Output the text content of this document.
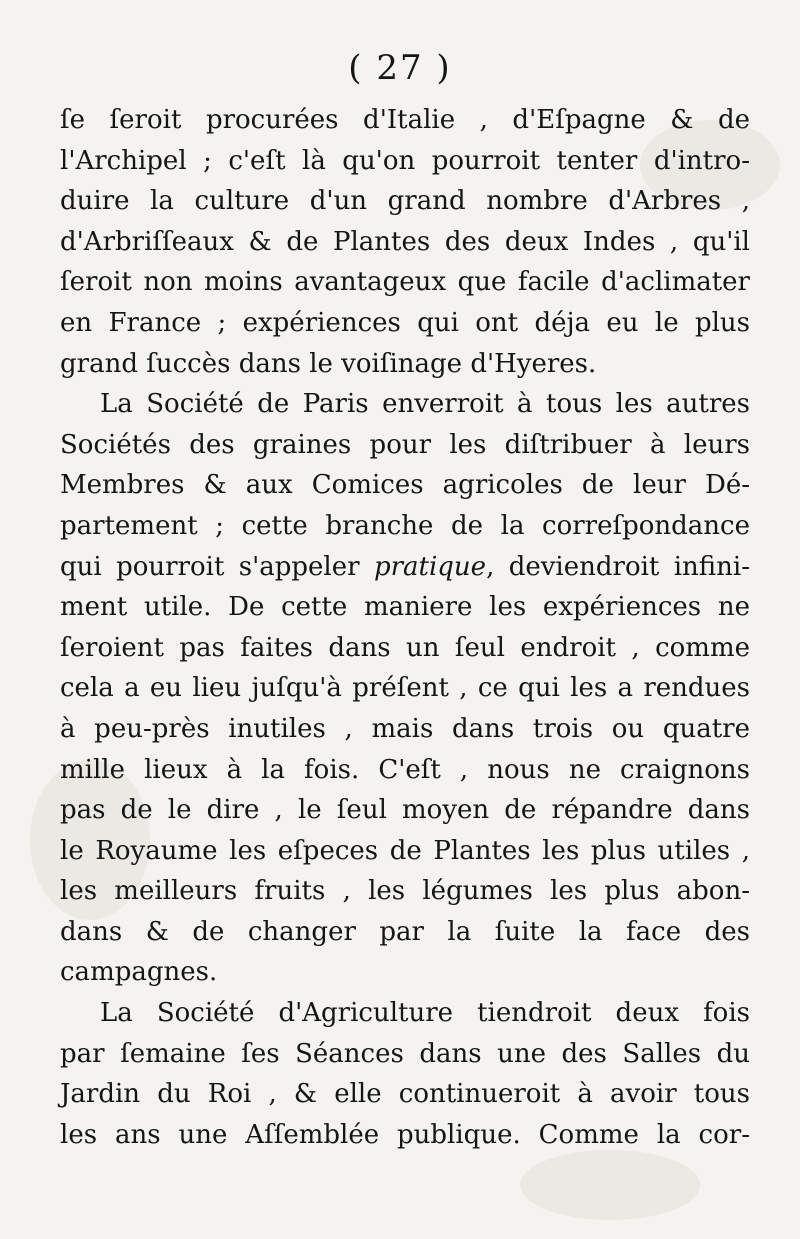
( 27 )
ſe ſeroit procurées d'Italie , d'Eſpagne & de
l'Archipel ; c'eſt là qu'on pourroit tenter d'intro-
duire la culture d'un grand nombre d'Arbres ,
d'Arbriſſeaux & de Plantes des deux Indes , qu'il
ſeroit non moins avantageux que facile d'aclimater
en France ; expériences qui ont déja eu le plus
grand ſuccès dans le voiſinage d'Hyeres.
La Société de Paris enverroit à tous les autres
Sociétés des graines pour les diſtribuer à leurs
Membres & aux Comices agricoles de leur Dé-
partement ; cette branche de la correſpondance
qui pourroit s'appeler pratique, deviendroit infini-
ment utile. De cette maniere les expériences ne
ſeroient pas faites dans un ſeul endroit , comme
cela a eu lieu juſqu'à préſent , ce qui les a rendues
à peu-près inutiles , mais dans trois ou quatre
mille lieux à la fois. C'eſt , nous ne craignons
pas de le dire , le ſeul moyen de répandre dans
le Royaume les eſpeces de Plantes les plus utiles ,
les meilleurs fruits , les légumes les plus abon-
dans & de changer par la ſuite la face des
campagnes.
La Société d'Agriculture tiendroit deux fois
par ſemaine ſes Séances dans une des Salles du
Jardin du Roi , & elle continueroit à avoir tous
les ans une Aſſemblée publique. Comme la cor-
